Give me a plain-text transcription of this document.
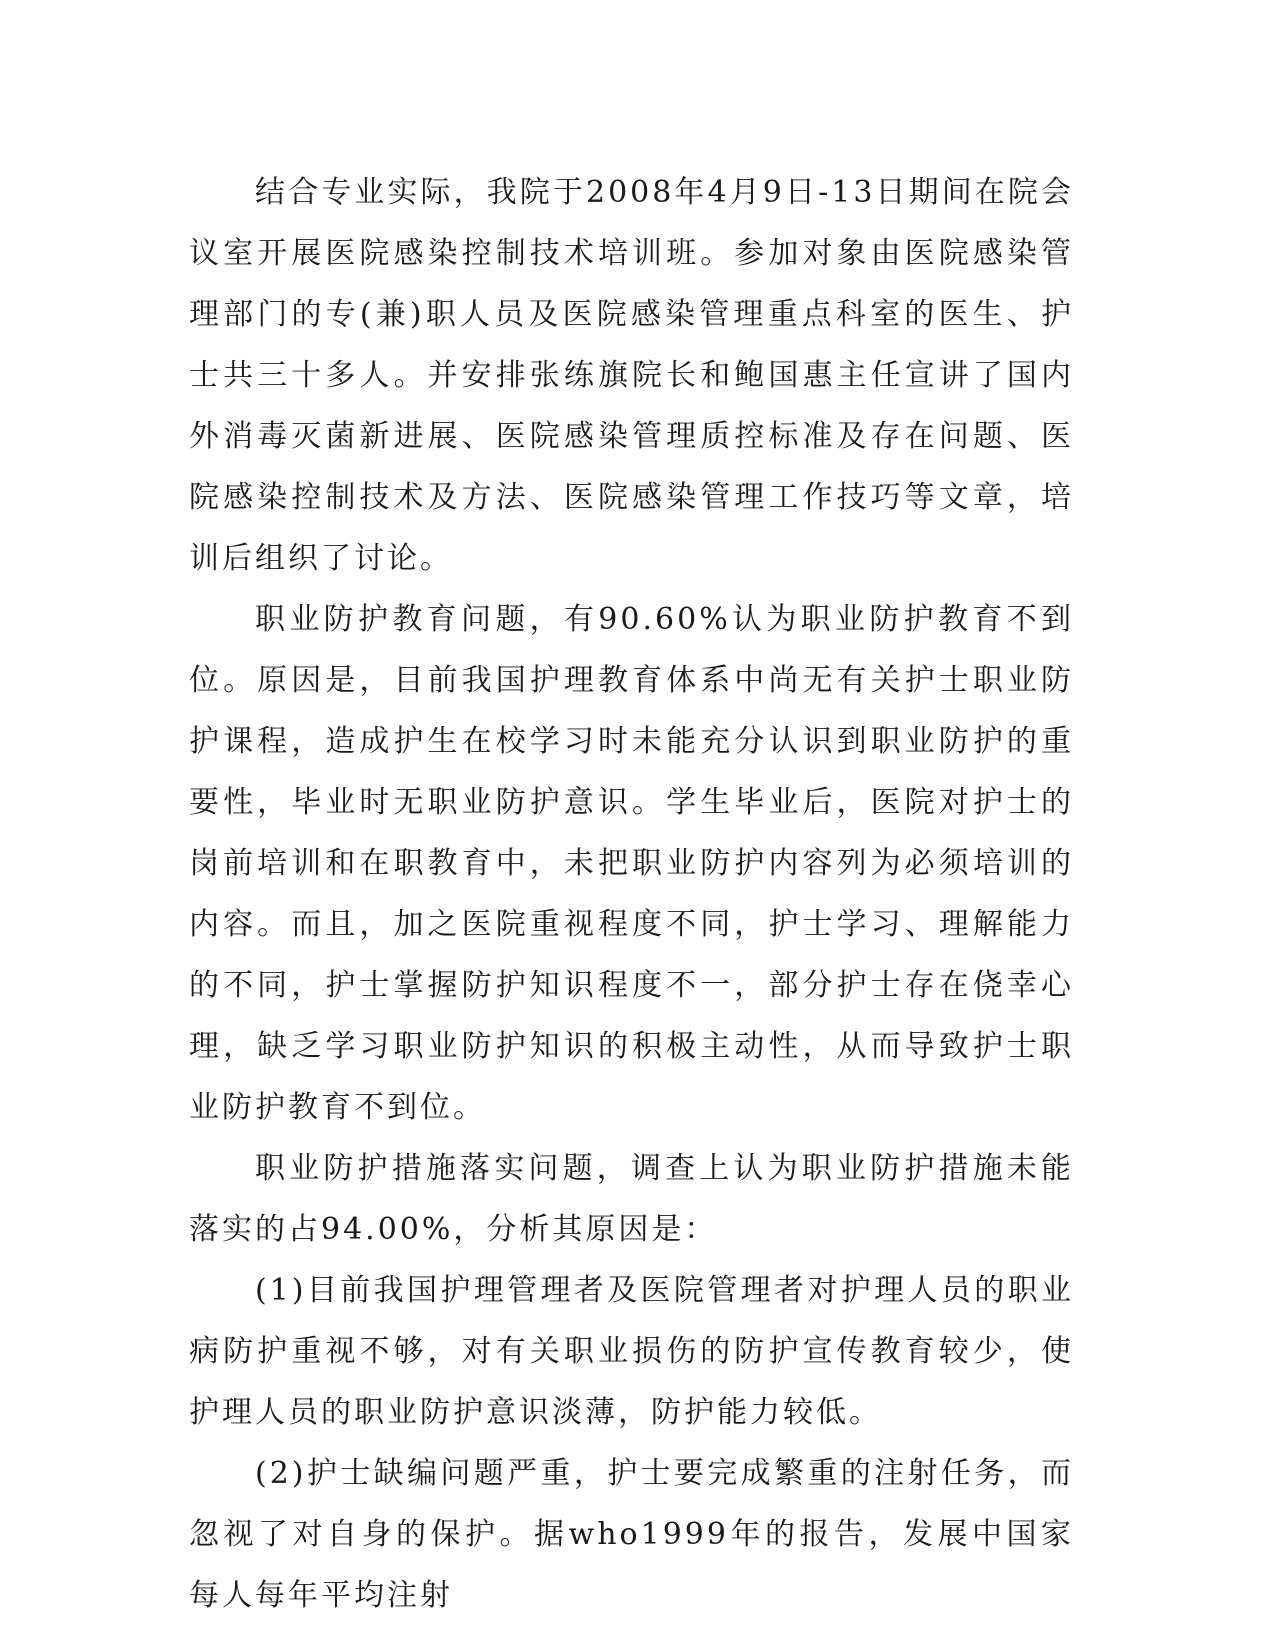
结合专业实际，我院于2008年4月9日-13日期间在院会议室开展医院感染控制技术培训班。参加对象由医院感染管理部门的专(兼)职人员及医院感染管理重点科室的医生、护士共三十多人。并安排张练旗院长和鲍国惠主任宣讲了国内外消毒灭菌新进展、医院感染管理质控标准及存在问题、医院感染控制技术及方法、医院感染管理工作技巧等文章，培训后组织了讨论。

职业防护教育问题，有90.60%认为职业防护教育不到位。原因是，目前我国护理教育体系中尚无有关护士职业防护课程，造成护生在校学习时未能充分认识到职业防护的重要性，毕业时无职业防护意识。学生毕业后，医院对护士的岗前培训和在职教育中，未把职业防护内容列为必须培训的内容。而且，加之医院重视程度不同，护士学习、理解能力的不同，护士掌握防护知识程度不一，部分护士存在侥幸心理，缺乏学习职业防护知识的积极主动性，从而导致护士职业防护教育不到位。

职业防护措施落实问题，调查上认为职业防护措施未能落实的占94.00%，分析其原因是：

(1)目前我国护理管理者及医院管理者对护理人员的职业病防护重视不够，对有关职业损伤的防护宣传教育较少，使护理人员的职业防护意识淡薄，防护能力较低。

(2)护士缺编问题严重，护士要完成繁重的注射任务，而忽视了对自身的保护。据who1999年的报告，发展中国家每人每年平均注射
